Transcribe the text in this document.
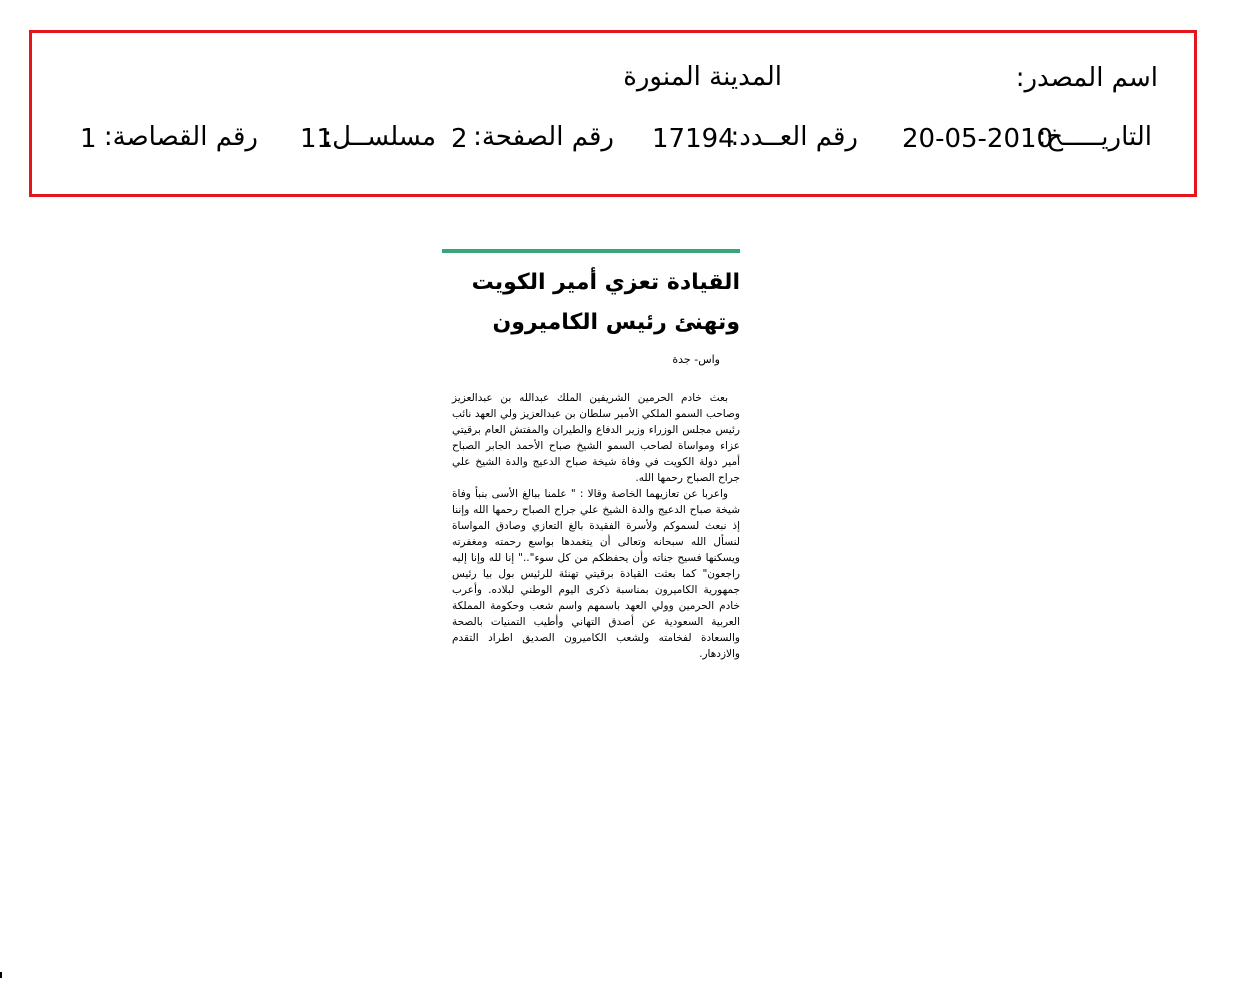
اسم المصدر:
المدينة المنورة
التاريـــــخ:
20-05-2010
رقم العــدد:
17194
رقم الصفحة:
2
مسلســل:
11
رقم القصاصة:
1
القيادة تعزي أمير الكويت
وتهنئ رئيس الكاميرون
واس- جدة

بعث خادم الحرمين الشريفين الملك عبدالله بن عبدالعزيز وصاحب السمو الملكي الأمير سلطان بن عبدالعزيز ولي العهد نائب رئيس مجلس الوزراء وزير الدفاع والطيران والمفتش العام برقيتي عزاء ومواساة لصاحب السمو الشيخ صباح الأحمد الجابر الصباح أمير دولة الكويت في وفاة شيخة صباح الدعيج والدة الشيخ علي جراح الصباح رحمها الله.

واعربا عن تعازيهما الخاصة وقالا : " علمنا ببالغ الأسى بنبأ وفاة شيخة صباح الدعيج والدة الشيخ علي جراح الصباح رحمها الله وإننا إذ نبعث لسموكم ولأسرة الفقيدة بالغ التعازي وصادق المواساة لنسأل الله سبحانه وتعالى أن يتغمدها بواسع رحمته ومغفرته ويسكنها فسيح جناته وأن يحفظكم من كل سوء".." إنا لله وإنا إليه راجعون" كما بعثت القيادة برقيتي تهنئة للرئيس بول بيا رئيس جمهورية الكاميرون بمناسبة ذكرى اليوم الوطني لبلاده. وأعرب خادم الحرمين وولي العهد باسمهم واسم شعب وحكومة المملكة العربية السعودية عن أصدق التهاني وأطيب التمنيات بالصحة والسعادة لفخامته ولشعب الكاميرون الصديق اطراد التقدم والازدهار.
